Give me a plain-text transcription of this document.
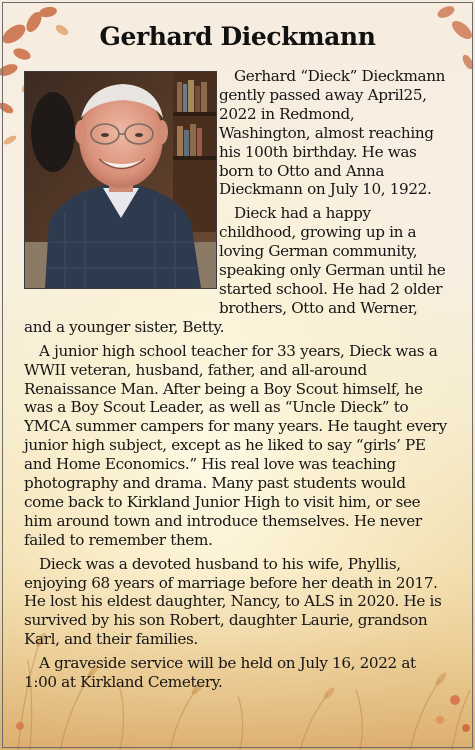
Gerhard Dieckmann

Gerhard “Dieck” Dieckmann gently passed away April25, 2022 in Redmond, Washington, almost reaching his 100th birthday. He was born to Otto and Anna Dieckmann on July 10, 1922.

Dieck had a happy childhood, growing up in a loving German community, speaking only German until he started school. He had 2 older brothers, Otto and Werner, and a younger sister, Betty.

A junior high school teacher for 33 years, Dieck was a WWII veteran, husband, father, and all-around Renaissance Man. After being a Boy Scout himself, he was a Boy Scout Leader, as well as “Uncle Dieck” to YMCA summer campers for many years. He taught every junior high subject, except as he liked to say “girls’ PE and Home Economics.” His real love was teaching photography and drama. Many past students would come back to Kirkland Junior High to visit him, or see him around town and introduce themselves. He never failed to remember them.

Dieck was a devoted husband to his wife, Phyllis, enjoying 68 years of marriage before her death in 2017. He lost his eldest daughter, Nancy, to ALS in 2020. He is survived by his son Robert, daughter Laurie, grandson Karl, and their families.

A graveside service will be held on July 16, 2022 at 1:00 at Kirkland Cemetery.
